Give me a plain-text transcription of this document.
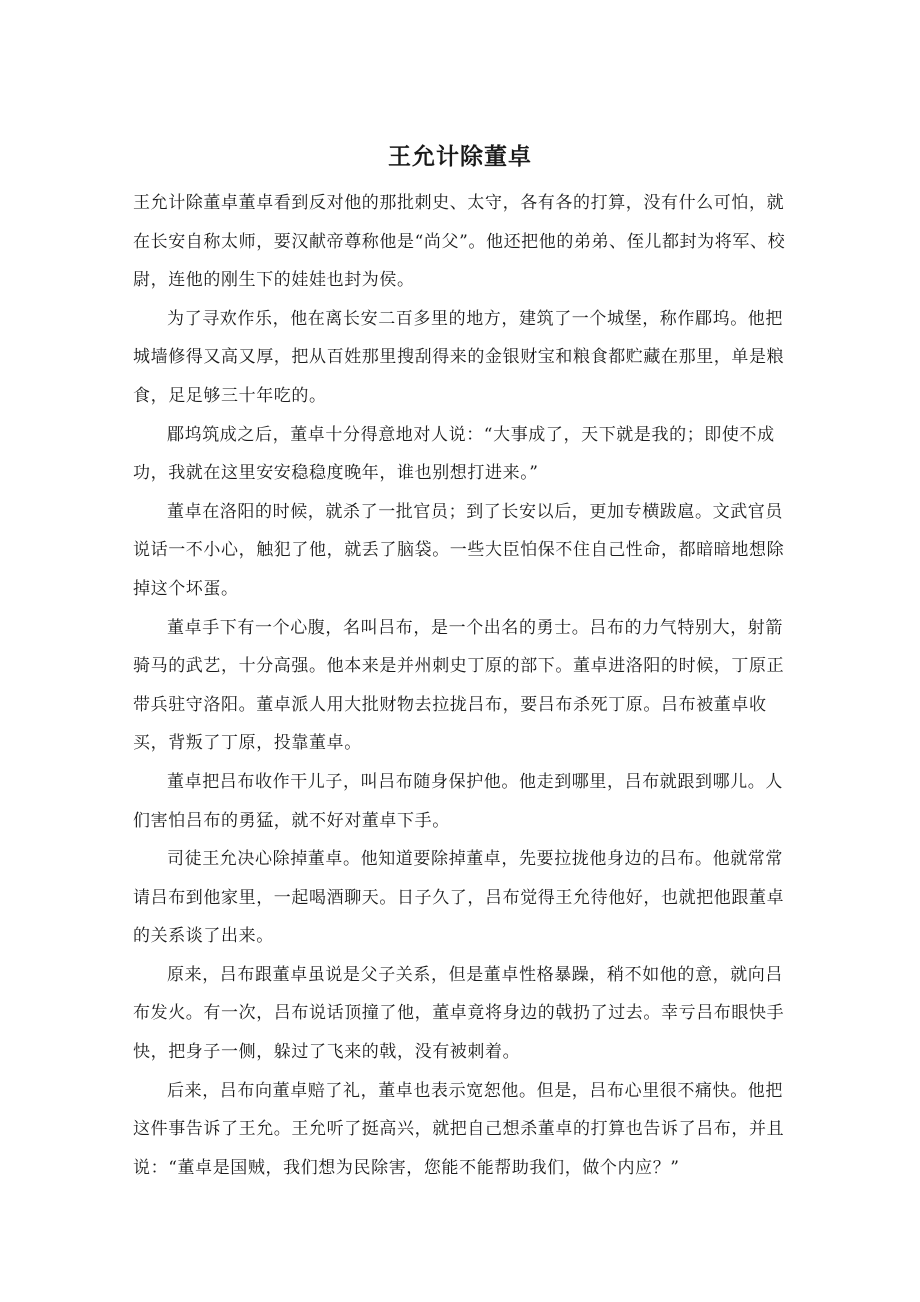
王允计除董卓

王允计除董卓董卓看到反对他的那批刺史、太守，各有各的打算，没有什么可怕，就在长安自称太师，要汉献帝尊称他是“尚父”。他还把他的弟弟、侄儿都封为将军、校尉，连他的刚生下的娃娃也封为侯。

为了寻欢作乐，他在离长安二百多里的地方，建筑了一个城堡，称作郿坞。他把城墙修得又高又厚，把从百姓那里搜刮得来的金银财宝和粮食都贮藏在那里，单是粮食，足足够三十年吃的。

郿坞筑成之后，董卓十分得意地对人说：“大事成了，天下就是我的；即使不成功，我就在这里安安稳稳度晚年，谁也别想打进来。”

董卓在洛阳的时候，就杀了一批官员；到了长安以后，更加专横跋扈。文武官员说话一不小心，触犯了他，就丢了脑袋。一些大臣怕保不住自己性命，都暗暗地想除掉这个坏蛋。

董卓手下有一个心腹，名叫吕布，是一个出名的勇士。吕布的力气特别大，射箭骑马的武艺，十分高强。他本来是并州刺史丁原的部下。董卓进洛阳的时候，丁原正带兵驻守洛阳。董卓派人用大批财物去拉拢吕布，要吕布杀死丁原。吕布被董卓收买，背叛了丁原，投靠董卓。

董卓把吕布收作干儿子，叫吕布随身保护他。他走到哪里，吕布就跟到哪儿。人们害怕吕布的勇猛，就不好对董卓下手。

司徒王允决心除掉董卓。他知道要除掉董卓，先要拉拢他身边的吕布。他就常常请吕布到他家里，一起喝酒聊天。日子久了，吕布觉得王允待他好，也就把他跟董卓的关系谈了出来。

原来，吕布跟董卓虽说是父子关系，但是董卓性格暴躁，稍不如他的意，就向吕布发火。有一次，吕布说话顶撞了他，董卓竟将身边的戟扔了过去。幸亏吕布眼快手快，把身子一侧，躲过了飞来的戟，没有被刺着。

后来，吕布向董卓赔了礼，董卓也表示宽恕他。但是，吕布心里很不痛快。他把这件事告诉了王允。王允听了挺高兴，就把自己想杀董卓的打算也告诉了吕布，并且说：“董卓是国贼，我们想为民除害，您能不能帮助我们，做个内应？”
